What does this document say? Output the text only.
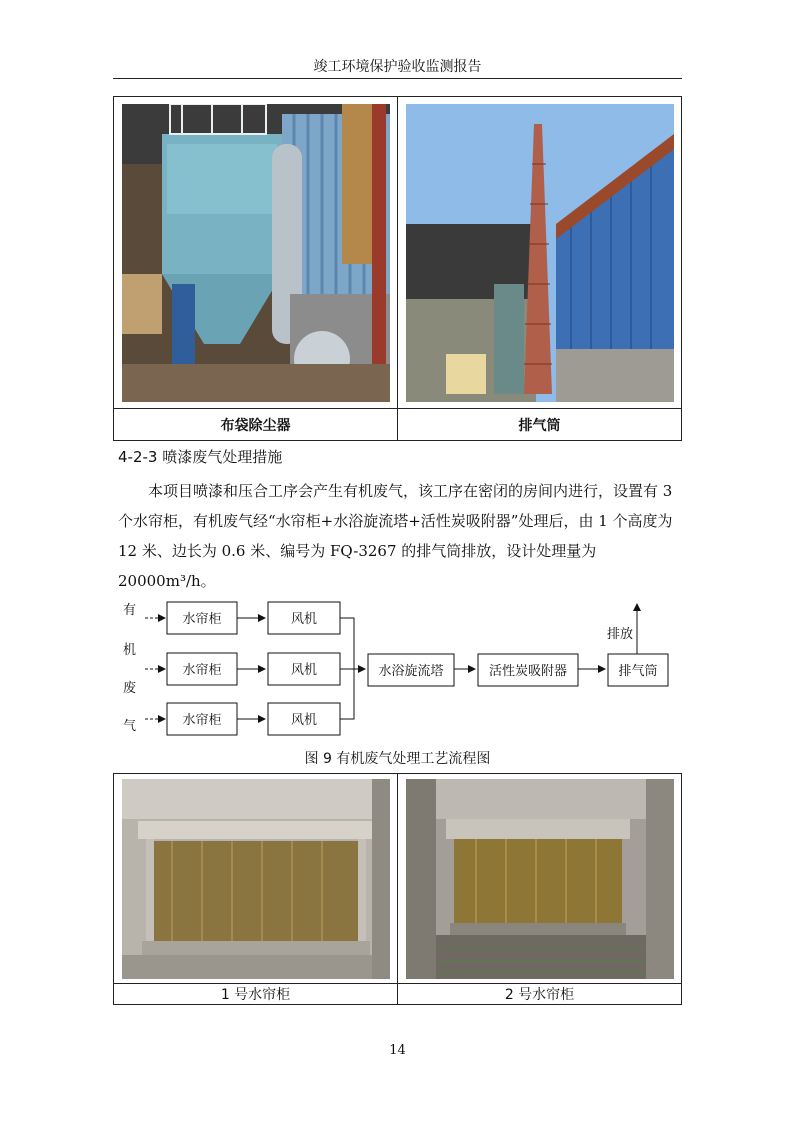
竣工环境保护验收监测报告

布袋除尘器	排气筒
4-2-3 喷漆废气处理措施
本项目喷漆和压合工序会产生有机废气，该工序在密闭的房间内进行，设置有 3 个水帘柜，有机废气经“水帘柜+水浴旋流塔+活性炭吸附器”处理后，由 1 个高度为 12 米、边长为 0.6 米、编号为 FQ-3267 的排气筒排放，设计处理量为 20000m³/h。
有
机
废
气
水帘柜
水帘柜
水帘柜
风机
风机
风机
水浴旋流塔	活性炭吸附器	排气筒
排放
图 9 有机废气处理工艺流程图

1 号水帘柜	2 号水帘柜
14
